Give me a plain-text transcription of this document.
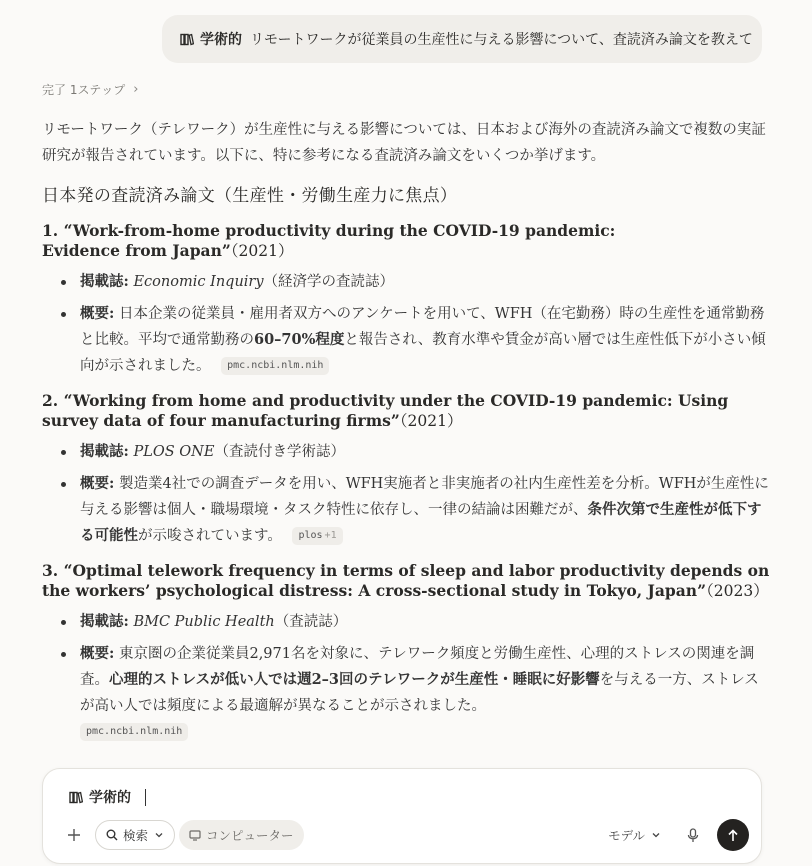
学術的 リモートワークが従業員の生産性に与える影響について、査読済み論文を教えて
完了 1ステップ ›

リモートワーク（テレワーク）が生産性に与える影響については、日本および海外の査読済み論文で複数の実証研究が報告されています。以下に、特に参考になる査読済み論文をいくつか挙げます。

日本発の査読済み論文（生産性・労働生産力に焦点）
1. “Work-from-home productivity during the COVID-19 pandemic: Evidence from Japan”（2021）
掲載誌: Economic Inquiry（経済学の査読誌）
概要: 日本企業の従業員・雇用者双方へのアンケートを用いて、WFH（在宅勤務）時の生産性を通常勤務と比較。平均で通常勤務の60–70%程度と報告され、教育水準や賃金が高い層では生産性低下が小さい傾向が示されました。 pmc.ncbi.nlm.nih
2. “Working from home and productivity under the COVID-19 pandemic: Using survey data of four manufacturing firms”（2021）
掲載誌: PLOS ONE（査読付き学術誌）
概要: 製造業4社での調査データを用い、WFH実施者と非実施者の社内生産性差を分析。WFHが生産性に与える影響は個人・職場環境・タスク特性に依存し、一律の結論は困難だが、条件次第で生産性が低下する可能性が示唆されています。 plos +1
3. “Optimal telework frequency in terms of sleep and labor productivity depends on the workers’ psychological distress: A cross-sectional study in Tokyo, Japan”（2023）
掲載誌: BMC Public Health（査読誌）
概要: 東京圏の企業従業員2,971名を対象に、テレワーク頻度と労働生産性、心理的ストレスの関連を調査。心理的ストレスが低い人では週2–3回のテレワークが生産性・睡眠に好影響を与える一方、ストレスが高い人では頻度による最適解が異なることが示されました。
pmc.ncbi.nlm.nih
学術的
検索	コンピューター	モデル
